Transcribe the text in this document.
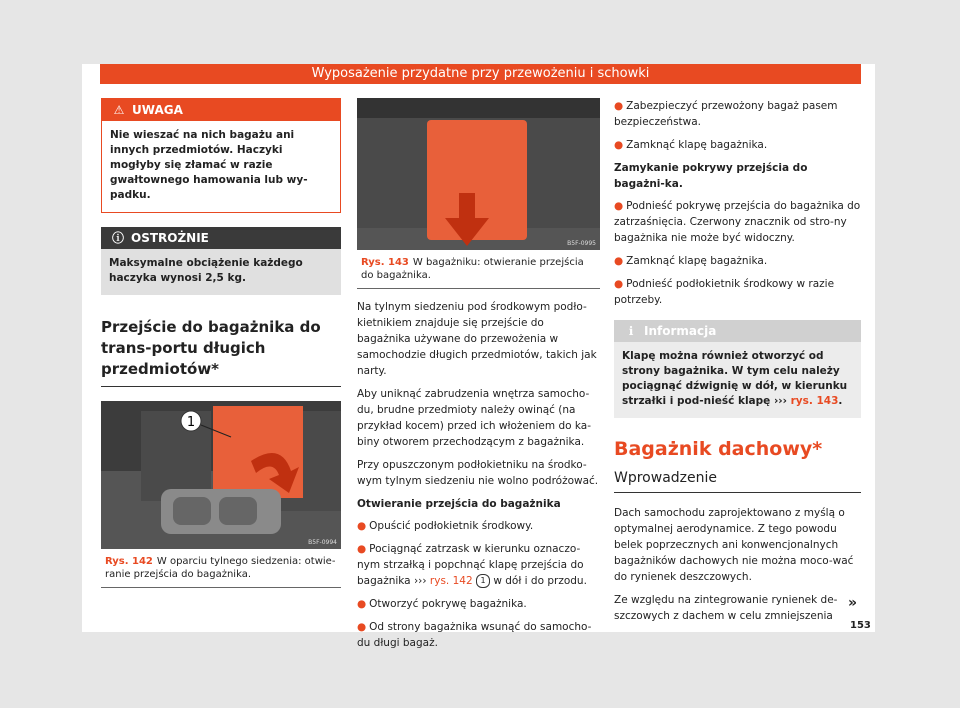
Wyposażenie przydatne przy przewożeniu i schowki
⚠ UWAGA
Nie wieszać na nich bagażu ani innych przedmiotów. Haczyki mogłyby się złamać w razie gwałtownego hamowania lub wy-padku.
ⓘ OSTROŻNIE
Maksymalne obciążenie każdego haczyka wynosi 2,5 kg.
Przejście do bagażnika do trans-portu długich przedmiotów*
1
B5F-0994
Rys. 142 W oparciu tylnego siedzenia: otwie-ranie przejścia do bagażnika.
B5F-0995
Rys. 143 W bagażniku: otwieranie przejścia do bagażnika.

Na tylnym siedzeniu pod środkowym podło-kietnikiem znajduje się przejście do bagażnika używane do przewożenia w samochodzie długich przedmiotów, takich jak narty.

Aby uniknąć zabrudzenia wnętrza samocho-du, brudne przedmioty należy owinąć (na przykład kocem) przed ich włożeniem do ka-biny otworem przechodzącym z bagażnika.

Przy opuszczonym podłokietniku na środko-wym tylnym siedzeniu nie wolno podróżować.

Otwieranie przejścia do bagażnika

● Opuścić podłokietnik środkowy.

● Pociągnąć zatrzask w kierunku oznaczo-nym strzałką i popchnąć klapę przejścia do bagażnika ››› rys. 142 1 w dół i do przodu.

● Otworzyć pokrywę bagażnika.

● Od strony bagażnika wsunąć do samocho-du długi bagaż.

● Zabezpieczyć przewożony bagaż pasem bezpieczeństwa.

● Zamknąć klapę bagażnika.

Zamykanie pokrywy przejścia do bagażni-ka.

● Podnieść pokrywę przejścia do bagażnika do zatrzaśnięcia. Czerwony znacznik od stro-ny bagażnika nie może być widoczny.

● Zamknąć klapę bagażnika.

● Podnieść podłokietnik środkowy w razie potrzeby.

ℹ Informacja
Klapę można również otworzyć od strony bagażnika. W tym celu należy pociągnąć dźwignię w dół, w kierunku strzałki i pod-nieść klapę ››› rys. 143.
Bagażnik dachowy*
Wprowadzenie

Dach samochodu zaprojektowano z myślą o optymalnej aerodynamice. Z tego powodu belek poprzecznych ani konwencjonalnych bagażników dachowych nie można moco-wać do rynienek deszczowych.

Ze względu na zintegrowanie rynienek de-szczowych z dachem w celu zmniejszenia

»
153
